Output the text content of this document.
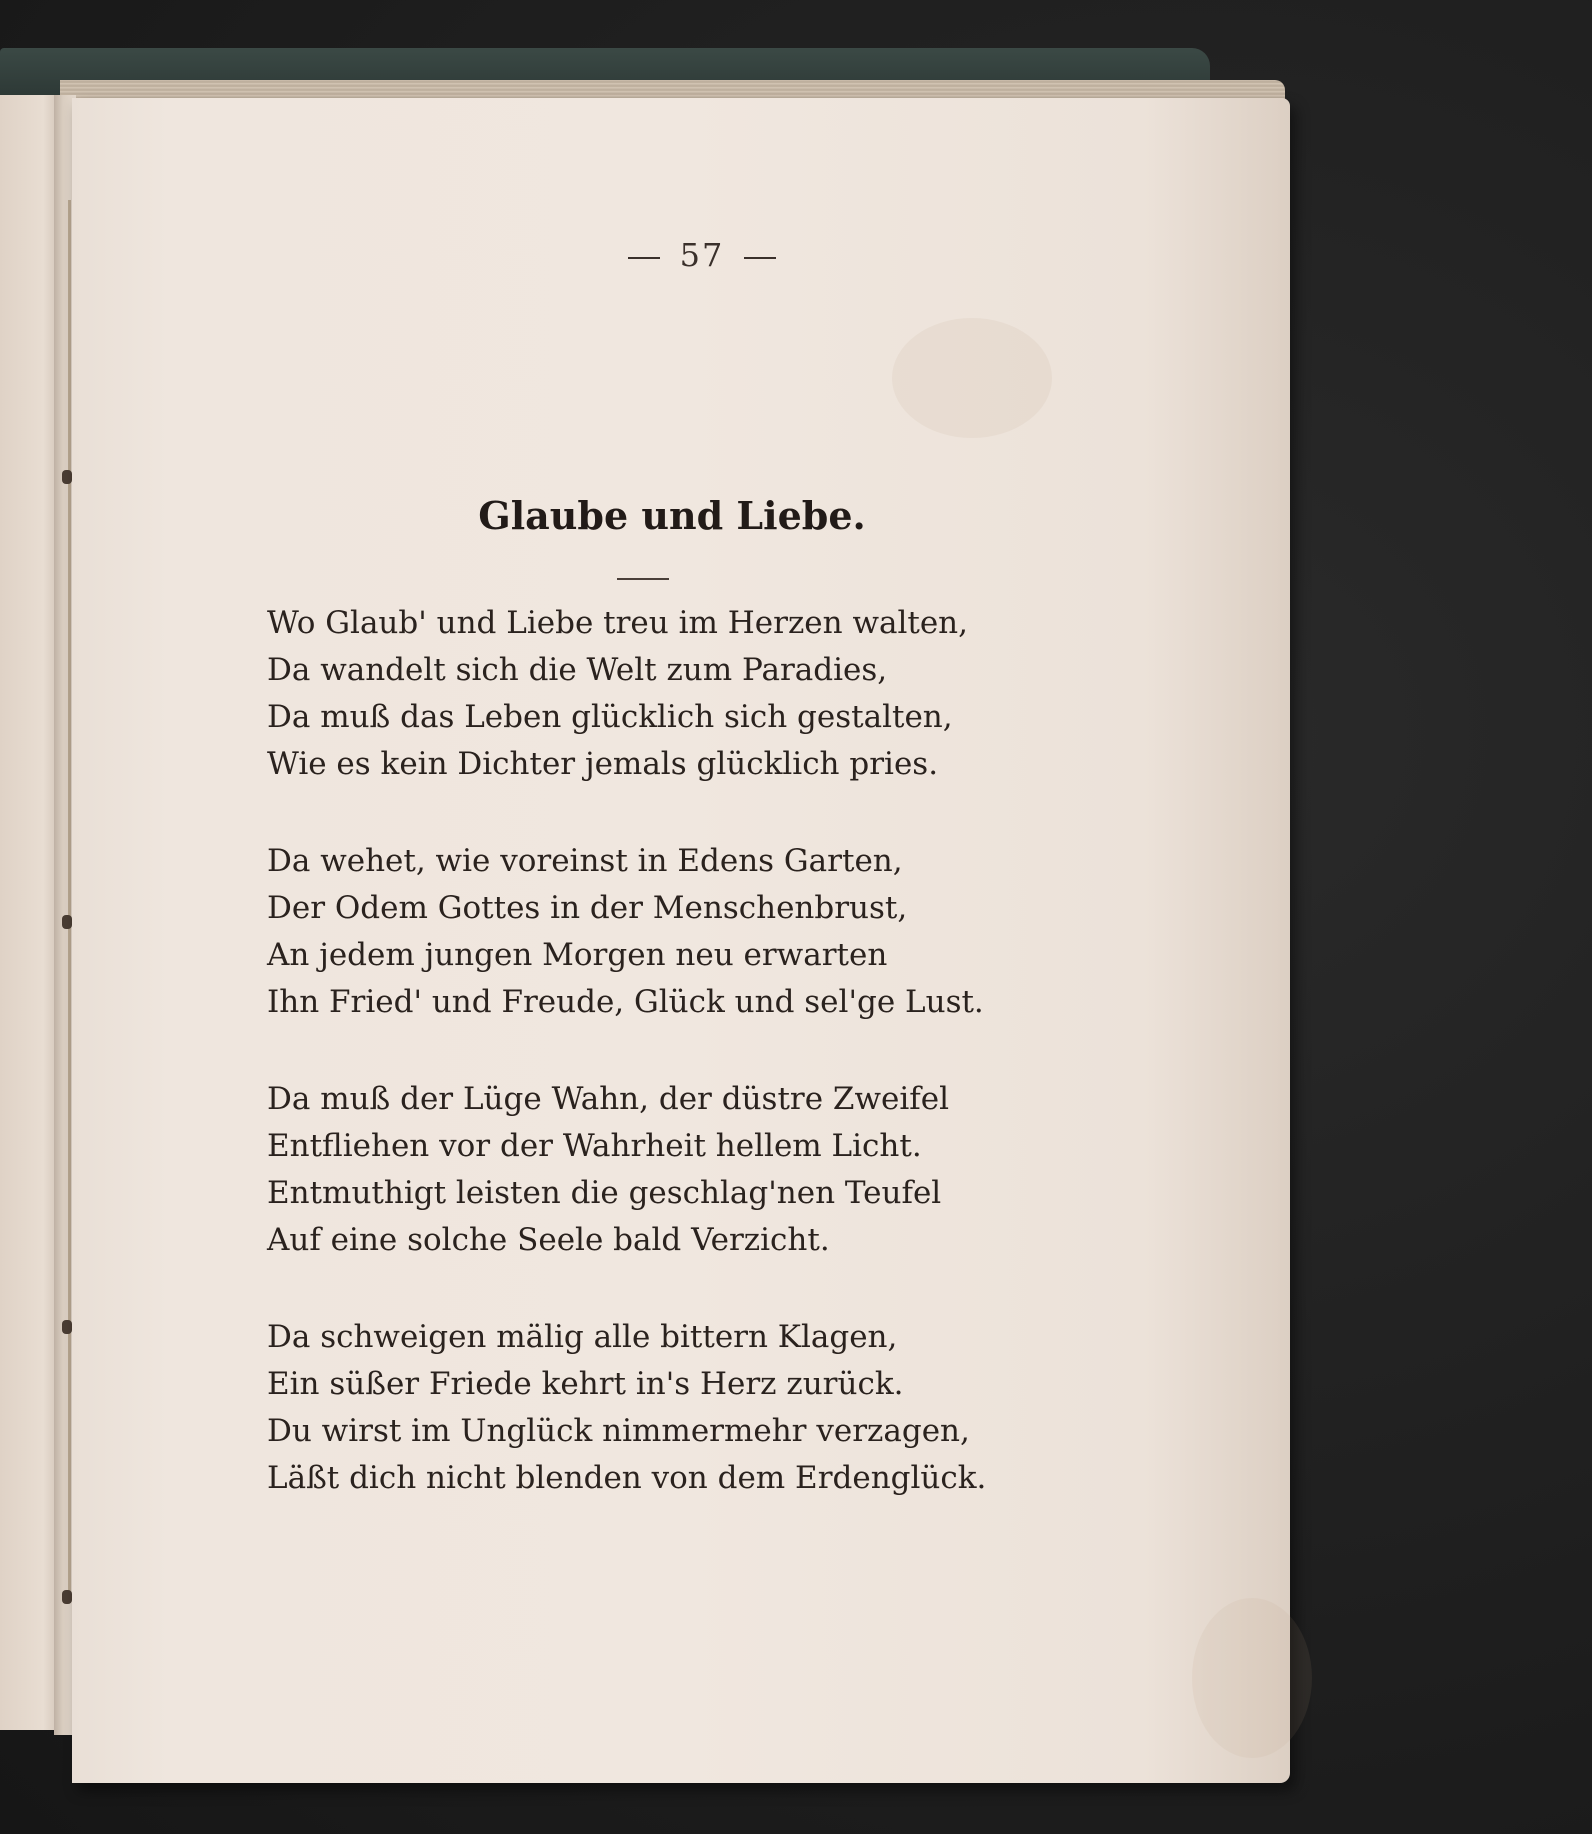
57
Glaube und Liebe.
Wo Glaub' und Liebe treu im Herzen walten,
Da wandelt sich die Welt zum Paradies,
Da muß das Leben glücklich sich gestalten,
Wie es kein Dichter jemals glücklich pries.
Da wehet, wie voreinst in Edens Garten,
Der Odem Gottes in der Menschenbrust,
An jedem jungen Morgen neu erwarten
Ihn Fried' und Freude, Glück und sel'ge Lust.
Da muß der Lüge Wahn, der düstre Zweifel
Entfliehen vor der Wahrheit hellem Licht.
Entmuthigt leisten die geschlag'nen Teufel
Auf eine solche Seele bald Verzicht.
Da schweigen mälig alle bittern Klagen,
Ein süßer Friede kehrt in's Herz zurück.
Du wirst im Unglück nimmermehr verzagen,
Läßt dich nicht blenden von dem Erdenglück.
